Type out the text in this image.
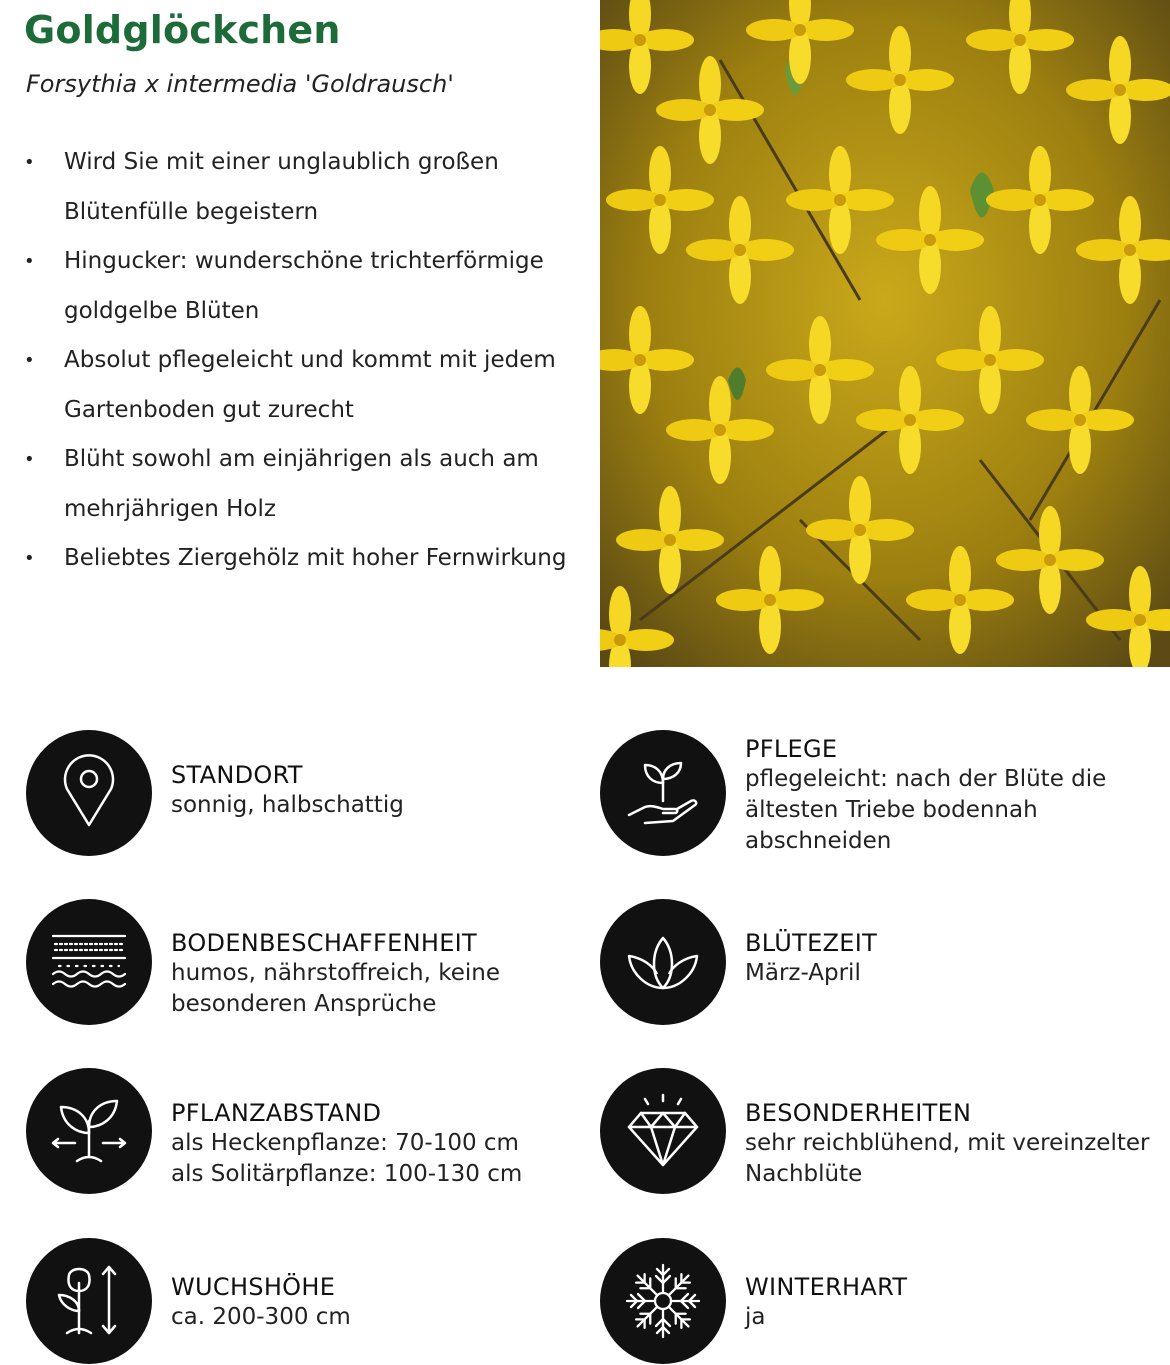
Goldglöckchen
Forsythia x intermedia 'Goldrausch'
• Wird Sie mit einer unglaublich großen Blütenfülle begeistern
• Hingucker: wunderschöne trichterförmige goldgelbe Blüten
• Absolut pflegeleicht und kommt mit jedem Gartenboden gut zurecht
• Blüht sowohl am einjährigen als auch am mehrjährigen Holz
• Beliebtes Ziergehölz mit hoher Fernwirkung
STANDORT
sonnig, halbschattig
PFLEGE
pflegeleicht: nach der Blüte die
ältesten Triebe bodennah
abschneiden
BODENBESCHAFFENHEIT
humos, nährstoffreich, keine
besonderen Ansprüche
BLÜTEZEIT
März-April
PFLANZABSTAND
als Heckenpflanze: 70-100 cm
als Solitärpflanze: 100-130 cm
BESONDERHEITEN
sehr reichblühend, mit vereinzelter
Nachblüte
WUCHSHÖHE
ca. 200-300 cm
WINTERHART
ja
